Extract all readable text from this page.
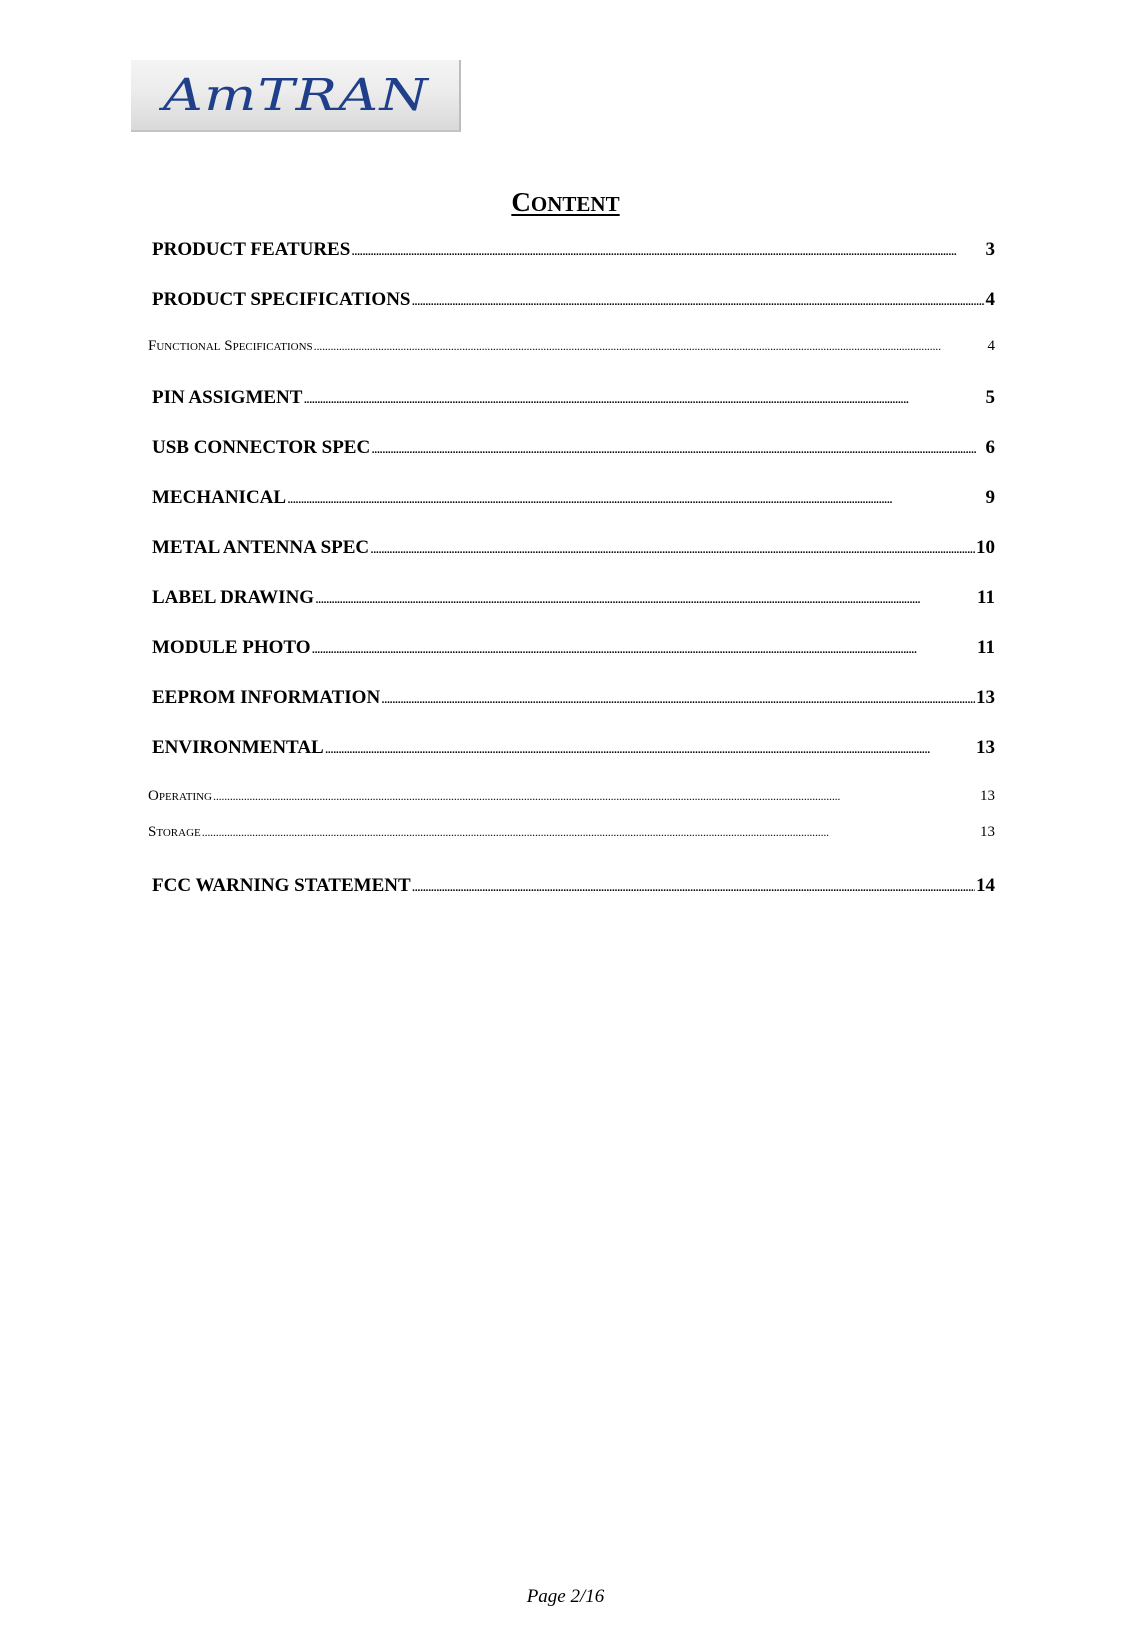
AmTRAN
CONTENT
PRODUCT FEATURES . . .	3
PRODUCT SPECIFICATIONS . . .	4
Functional Specifications . . .	4
PIN ASSIGMENT . . .	5
USB CONNECTOR SPEC . . .	6
MECHANICAL . . .	9
METAL ANTENNA SPEC . . .	10
LABEL DRAWING . . .	11
MODULE PHOTO . . .	11
EEPROM INFORMATION . . .	13
ENVIRONMENTAL . . .	13
Operating . . .	13
Storage . . .	13
FCC WARNING STATEMENT . . .	14
Page 2/16
